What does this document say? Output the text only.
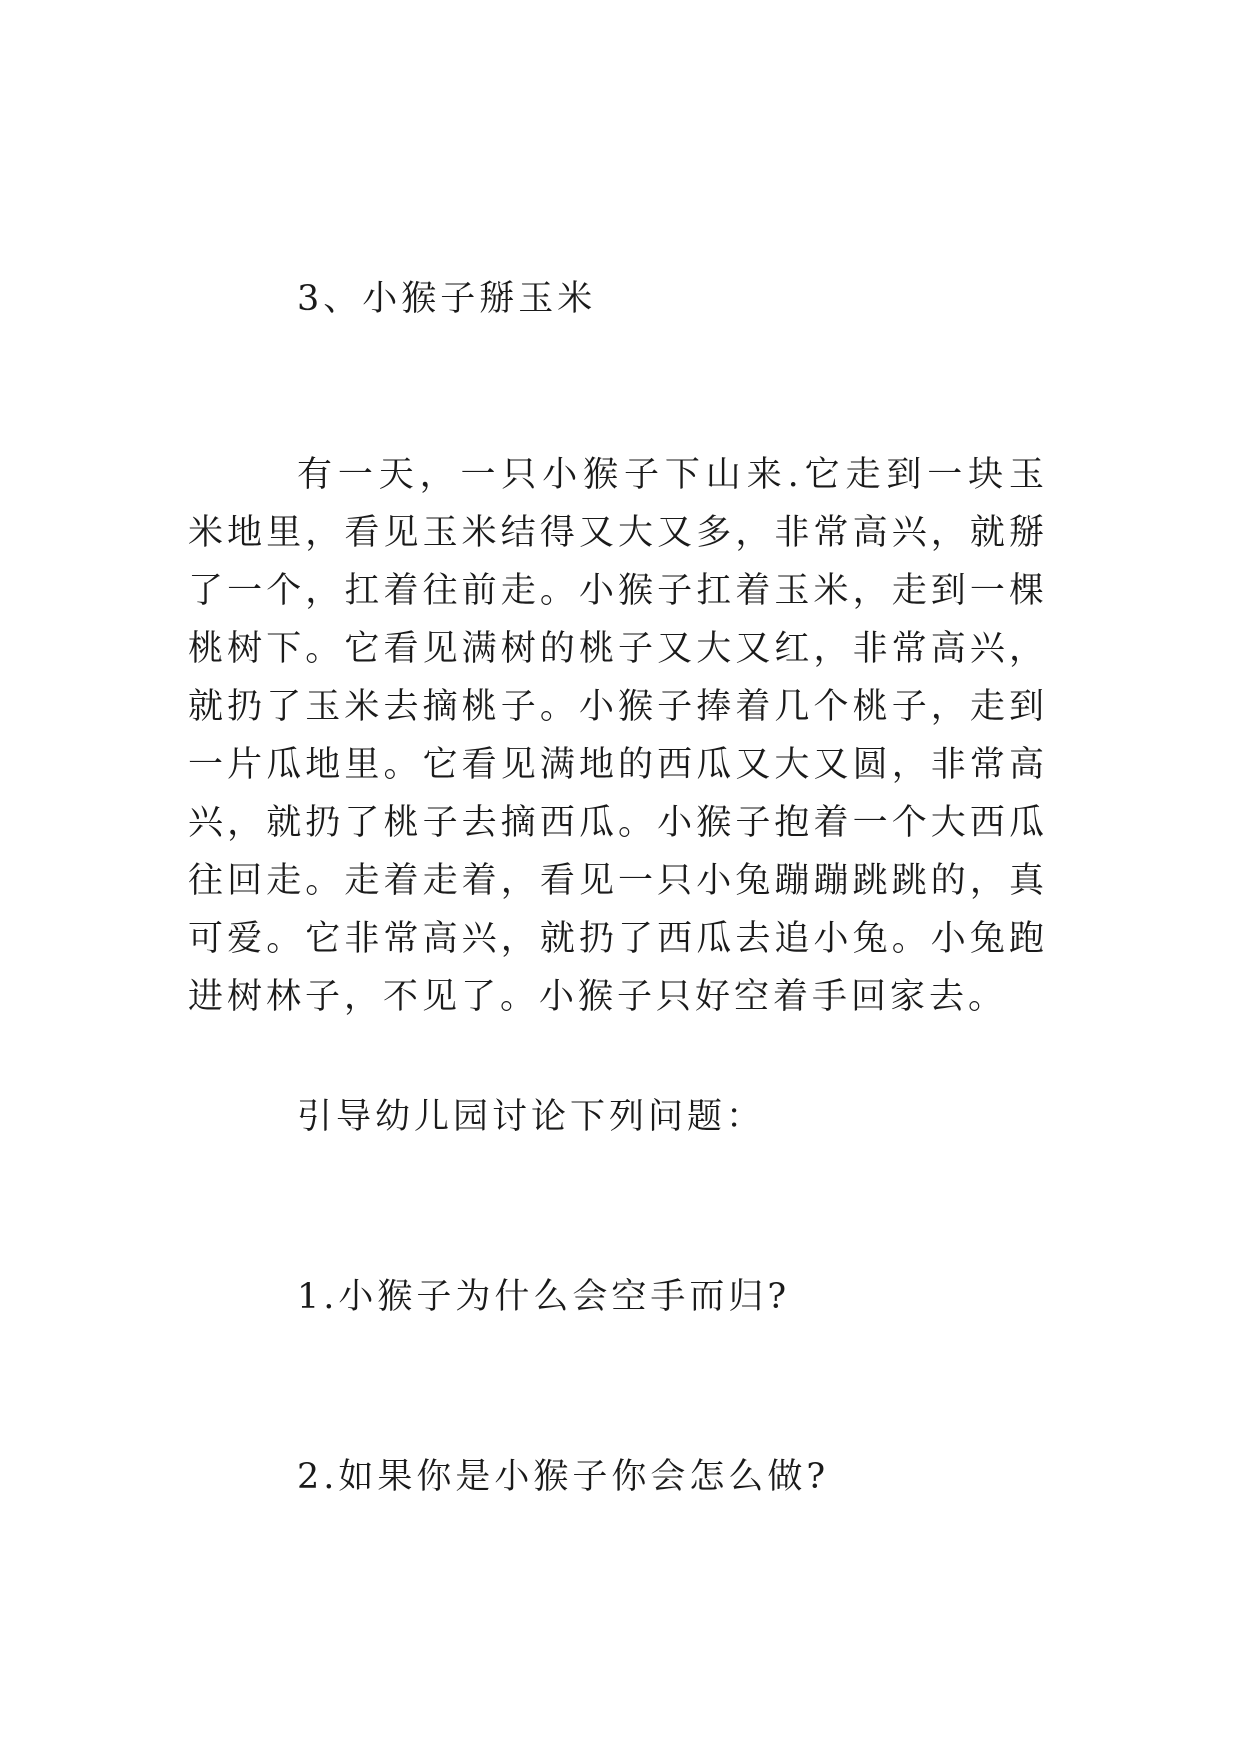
3、小猴子掰玉米

有一天，一只小猴子下山来.它走到一块玉米地里，看见玉米结得又大又多，非常高兴，就掰了一个，扛着往前走。小猴子扛着玉米，走到一棵桃树下。它看见满树的桃子又大又红，非常高兴，就扔了玉米去摘桃子。小猴子捧着几个桃子，走到一片瓜地里。它看见满地的西瓜又大又圆，非常高兴，就扔了桃子去摘西瓜。小猴子抱着一个大西瓜往回走。走着走着，看见一只小兔蹦蹦跳跳的，真可爱。它非常高兴，就扔了西瓜去追小兔。小兔跑进树林子，不见了。小猴子只好空着手回家去。

引导幼儿园讨论下列问题：

1.小猴子为什么会空手而归?

2.如果你是小猴子你会怎么做?
